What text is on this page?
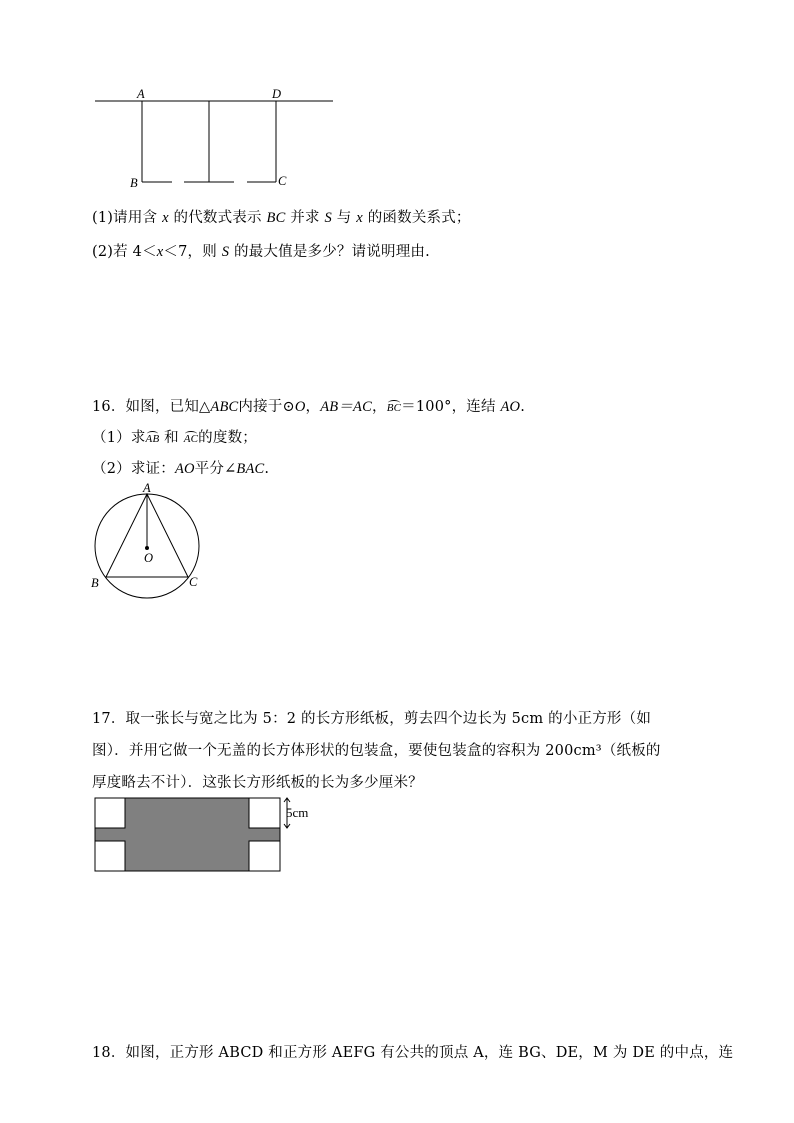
A	D
B	C
(1)请用含 x 的代数式表示 BC 并求 S 与 x 的函数关系式；
(2)若 4＜x＜7，则 S 的最大值是多少？请说明理由.
16．如图，已知△ABC内接于⊙O，AB＝AC，BC＝100°，连结 AO.
（1）求AB 和 AC的度数；
（2）求证：AO平分∠BAC.
A
O
B	C
17．取一张长与宽之比为 5：2 的长方形纸板，剪去四个边长为 5cm 的小正方形（如
图）．并用它做一个无盖的长方体形状的包装盒，要使包装盒的容积为 200cm³（纸板的
厚度略去不计）．这张长方形纸板的长为多少厘米？
5cm
18．如图，正方形 ABCD 和正方形 AEFG 有公共的顶点 A，连 BG、DE，M 为 DE 的中点，连
